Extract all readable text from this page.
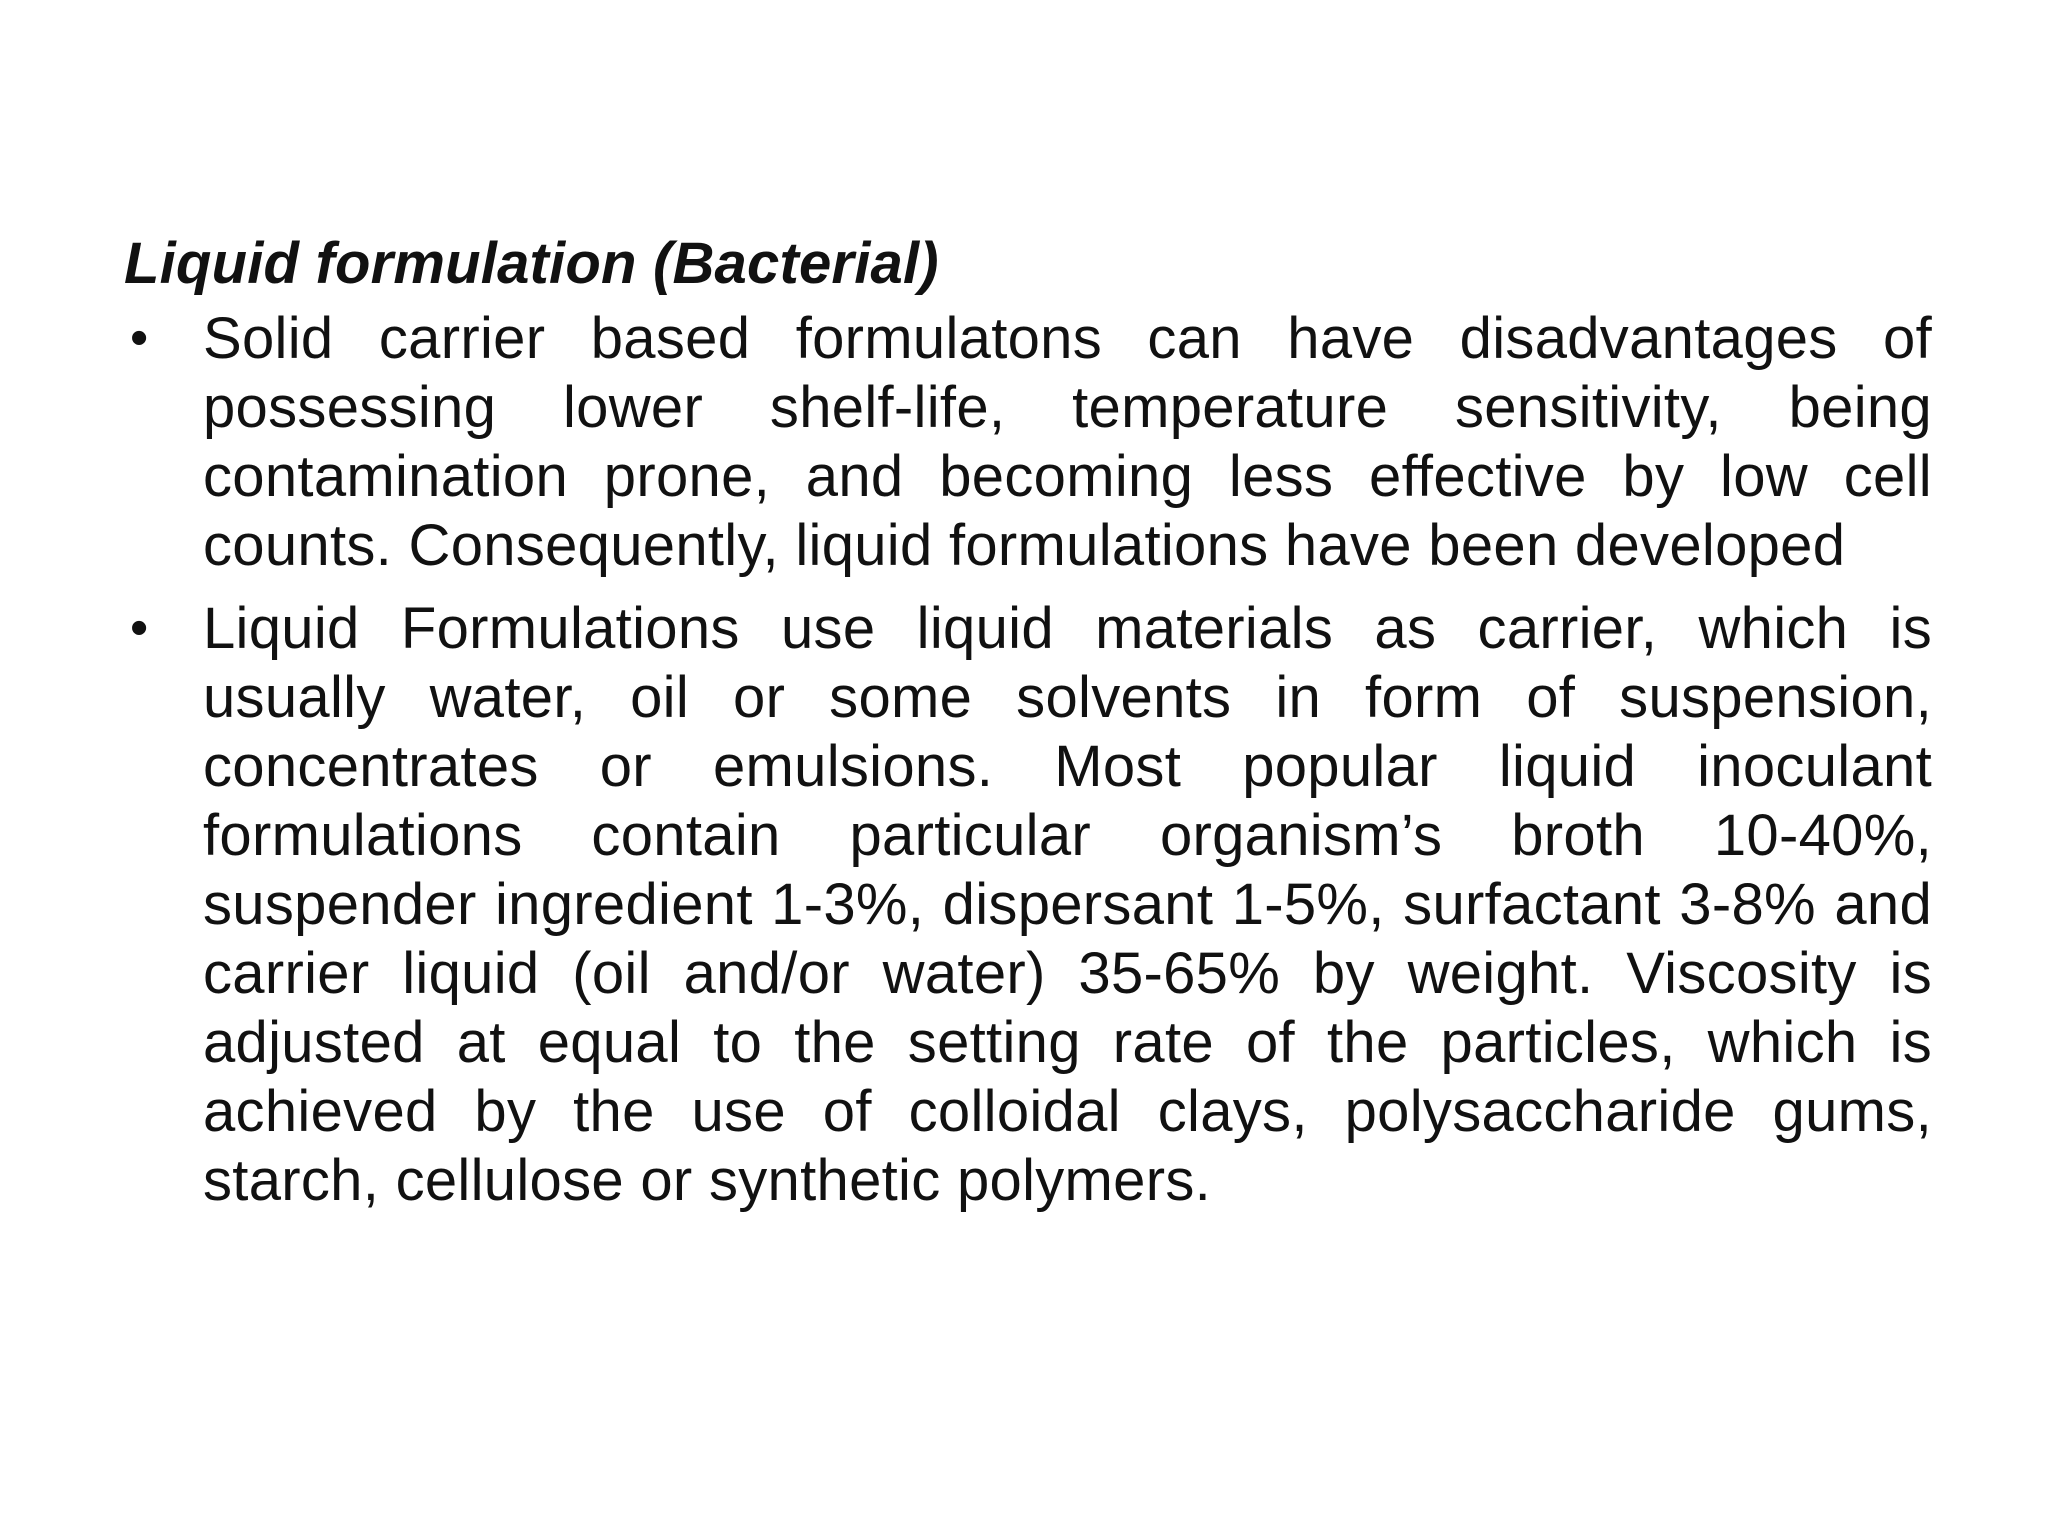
Liquid formulation (Bacterial)
• Solid carrier based formulatons can have disadvantages of possessing lower shelf-life, temperature sensitivity, being contamination prone, and becoming less effective by low cell counts. Consequently, liquid formulations have been developed
• Liquid Formulations use liquid materials as carrier, which is usually water, oil or some solvents in form of suspension, concentrates or emulsions. Most popular liquid inoculant formulations contain particular organism’s broth 10-40%, suspender ingredient 1-3%, dispersant 1-5%, surfactant 3-8% and carrier liquid (oil and/or water) 35-65% by weight. Viscosity is adjusted at equal to the setting rate of the particles, which is achieved by the use of colloidal clays, polysaccharide gums, starch, cellulose or synthetic polymers.
